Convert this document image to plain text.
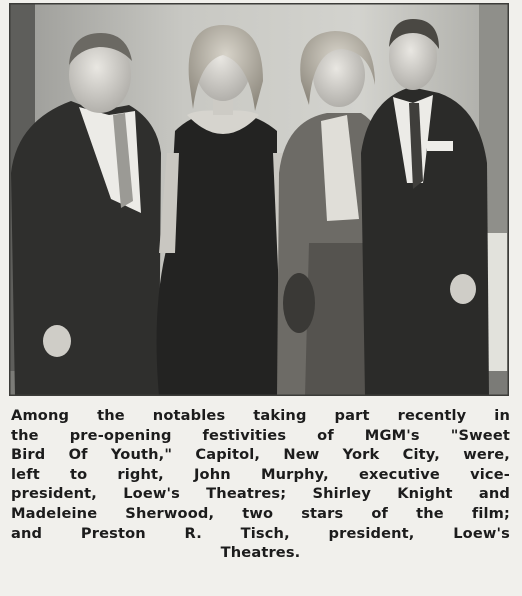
Among the notables taking part recently in
the pre-opening festivities of MGM's "Sweet
Bird Of Youth," Capitol, New York City, were,
left to right, John Murphy, executive vice-
president, Loew's Theatres; Shirley Knight and
Madeleine Sherwood, two stars of the film;
and Preston R. Tisch, president, Loew's
Theatres.
